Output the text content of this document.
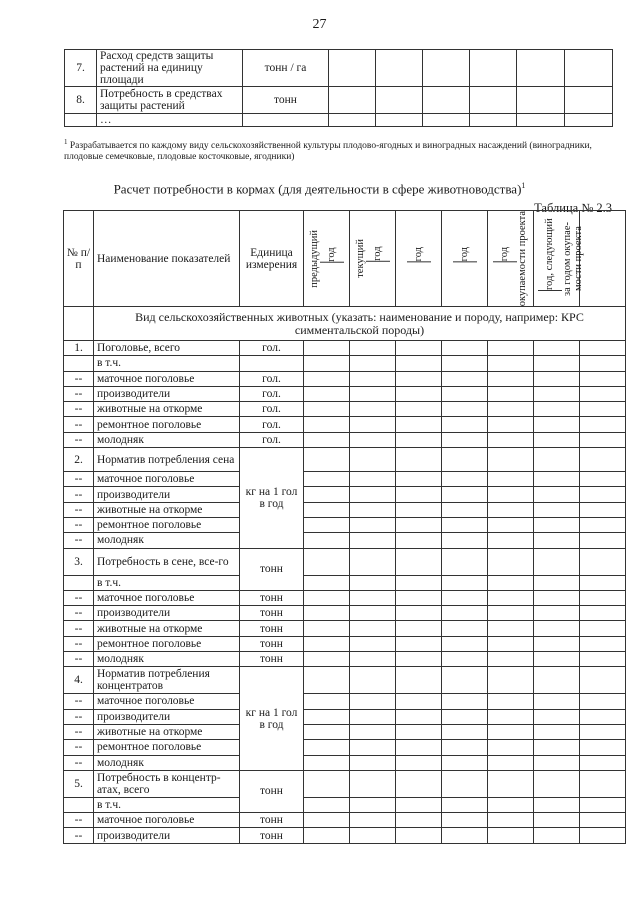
27
7.	Расход средств защиты растений на единицу площади	тонн / га						
8.	Потребность в средствах защиты растений	тонн						
	…							
$^1$ Разрабатывается по каждому виду сельскохозяйственной культуры плодово-ягодных и виноградных насаждений (виноградники, плодовые семечковые, плодовые косточковые, ягодники)
Расчет потребности в кормах (для деятельности в сфере животноводства)$^1$
Таблица № 2.3
№ п/п	Наименование показателей	Единица измерения	предыдущий год	текущий год	год	год	год окупаемости проекта	год, следующий за годом окупае- мости проекта	

	Вид сельскохозяйственных животных (указать: наименование и породу, например: КРС симментальской породы)								
1.	Поголовье, всего	гол.							
	в т.ч.								
--	маточное поголовье	гол.							
--	производители	гол.							
--	животные на откорме	гол.							
--	ремонтное поголовье	гол.							
--	молодняк	гол.							
2.	Норматив потребления сена	кг на 1 гол в год							
--	маточное поголовье								
--	производители								
--	животные на откорме								
--	ремонтное поголовье								
--	молодняк								
3.	Потребность в сене, все-го	тонн							
	в т.ч.								
--	маточное поголовье	тонн							
--	производители	тонн							
--	животные на откорме	тонн							
--	ремонтное поголовье	тонн							
--	молодняк	тонн							
4.	Норматив потребления концентратов	кг на 1 гол в год							
--	маточное поголовье								
--	производители								
--	животные на откорме								
--	ремонтное поголовье								
--	молодняк								
5.	Потребность в концентр-атах, всего	тонн							
	в т.ч.								
--	маточное поголовье	тонн							
--	производители	тонн							
